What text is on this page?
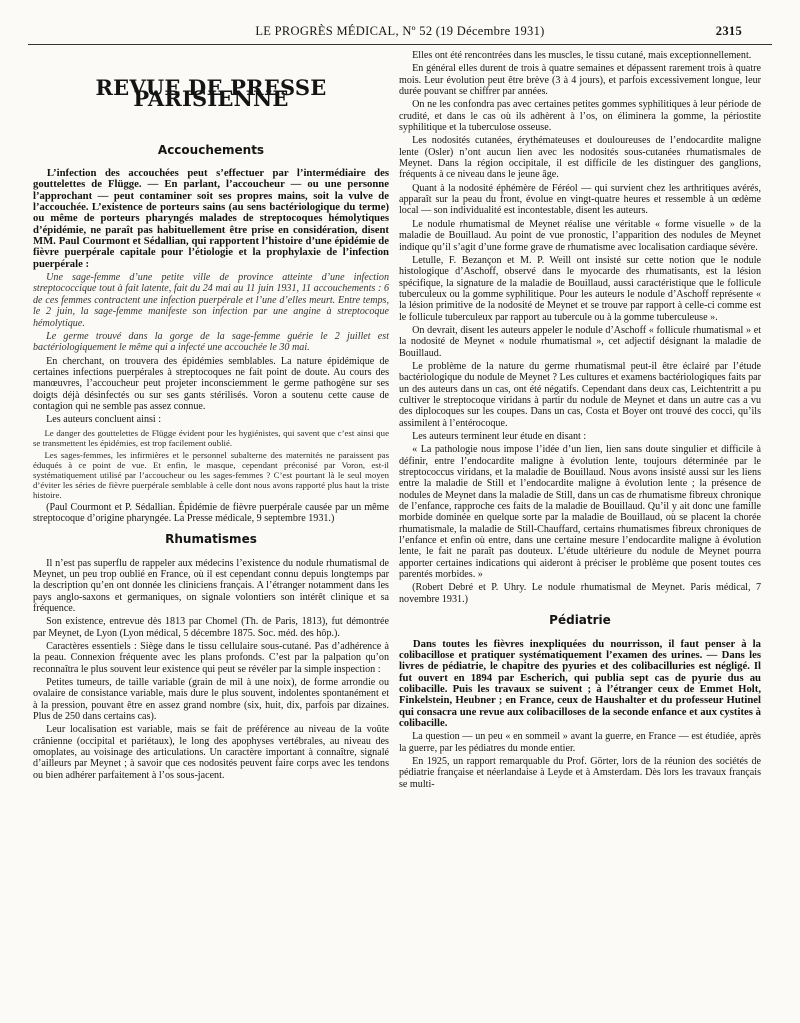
LE PROGRÈS MÉDICAL, Nº 52 (19 Décembre 1931)	2315
REVUE DE PRESSE PARISIENNE
Accouchements

L’infection des accouchées peut s’effectuer par l’intermédiaire des gouttelettes de Flügge. — En parlant, l’accoucheur — ou une personne l’approchant — peut contaminer soit ses propres mains, soit la vulve de l’accouchée. L’existence de porteurs sains (au sens bactériologique du terme) ou même de porteurs pharyngés malades de streptocoques hémolytiques d’épidémie, ne paraît pas habituellement être prise en considération, disent MM. Paul Courmont et Sédallian, qui rapportent l’histoire d’une épidémie de fièvre puerpérale capitale pour l’étiologie et la prophylaxie de l’infection puerpérale :

Une sage-femme d’une petite ville de province atteinte d’une infection streptococcique tout à fait latente, fait du 24 mai au 11 juin 1931, 11 accouchements : 6 de ces femmes contractent une infection puerpérale et l’une d’elles meurt. Entre temps, le 2 juin, la sage-femme manifeste son infection par une angine à streptocoque hémolytique.

Le germe trouvé dans la gorge de la sage-femme guérie le 2 juillet est bactériologiquement le même qui a infecté une accouchée le 30 mai.

En cherchant, on trouvera des épidémies semblables. La nature épidémique de certaines infections puerpérales à streptocoques ne fait point de doute. Au cours des manœuvres, l’accoucheur peut projeter inconsciemment le germe pathogène sur ses doigts déjà désinfectés ou sur ses gants stérilisés. Voron a soutenu cette cause de contagion qui ne semble pas assez connue.

Les auteurs concluent ainsi :

Le danger des gouttelettes de Flügge évident pour les hygiénistes, qui savent que c’est ainsi que se transmettent les épidémies, est trop facilement oublié.

Les sages-femmes, les infirmières et le personnel subalterne des maternités ne paraissent pas éduqués à ce point de vue. Et enfin, le masque, cependant préconisé par Voron, est-il systématiquement utilisé par l’accoucheur ou les sages-femmes ? C’est pourtant là le seul moyen d’éviter les séries de fièvre puerpérale semblable à celle dont nous avons rapporté plus haut la triste histoire.

(Paul Courmont et P. Sédallian. Épidémie de fièvre puerpérale causée par un même streptocoque d’origine pharyngée. La Presse médicale, 9 septembre 1931.)

Rhumatismes

Il n’est pas superflu de rappeler aux médecins l’existence du nodule rhumatismal de Meynet, un peu trop oublié en France, où il est cependant connu depuis longtemps par la description qu’en ont donnée les cliniciens français. A l’étranger notamment dans les pays anglo-saxons et germaniques, on signale volontiers son intérêt clinique et sa fréquence.

Son existence, entrevue dès 1813 par Chomel (Th. de Paris, 1813), fut démontrée par Meynet, de Lyon (Lyon médical, 5 décembre 1875. Soc. méd. des hôp.).

Caractères essentiels : Siège dans le tissu cellulaire sous-cutané. Pas d’adhérence à la peau. Connexion fréquente avec les plans profonds. C’est par la palpation qu’on reconnaîtra le plus souvent leur existence qui peut se révéler par la simple inspection :

Petites tumeurs, de taille variable (grain de mil à une noix), de forme arrondie ou ovalaire de consistance variable, mais dure le plus souvent, indolentes spontanément et à la pression, pouvant être en assez grand nombre (six, huit, dix, parfois par dizaines. Plus de 250 dans certains cas).

Leur localisation est variable, mais se fait de préférence au niveau de la voûte crânienne (occipital et pariétaux), le long des apophyses vertébrales, au niveau des omoplates, au voisinage des articulations. Un caractère important à connaître, signalé d’ailleurs par Meynet ; à savoir que ces nodosités peuvent faire corps avec les tendons ou bien adhérer parfaitement à l’os sous-jacent.

Elles ont été rencontrées dans les muscles, le tissu cutané, mais exceptionnellement.

En général elles durent de trois à quatre semaines et dépassent rarement trois à quatre mois. Leur évolution peut être brève (3 à 4 jours), et parfois excessivement longue, leur durée pouvant se chiffrer par années.

On ne les confondra pas avec certaines petites gommes syphilitiques à leur période de crudité, et dans le cas où ils adhèrent à l’os, on éliminera la gomme, la périostite syphilitique et la tuberculose osseuse.

Les nodosités cutanées, érythémateuses et douloureuses de l’endocardite maligne lente (Osler) n’ont aucun lien avec les nodosités sous-cutanées rhumatismales de Meynet. Dans la région occipitale, il est difficile de les distinguer des ganglions, fréquents à ce niveau dans le jeune âge.

Quant à la nodosité éphémère de Féréol — qui survient chez les arthritiques avérés, apparaît sur la peau du front, évolue en vingt-quatre heures et ressemble à un œdème local — son individualité est incontestable, disent les auteurs.

Le nodule rhumatismal de Meynet réalise une véritable « forme visuelle » de la maladie de Bouillaud. Au point de vue pronostic, l’apparition des nodules de Meynet indique qu’il s’agit d’une forme grave de rhumatisme avec localisation cardiaque sévère.

Letulle, F. Bezançon et M. P. Weill ont insisté sur cette notion que le nodule histologique d’Aschoff, observé dans le myocarde des rhumatisants, est la lésion spécifique, la signature de la maladie de Bouillaud, aussi caractéristique que le follicule tuberculeux ou la gomme syphilitique. Pour les auteurs le nodule d’Aschoff représente « la lésion primitive de la nodosité de Meynet et se trouve par rapport à celle-ci comme est le follicule tuberculeux par rapport au tubercule ou à la gomme tuberculeuse ».

On devrait, disent les auteurs appeler le nodule d’Aschoff « follicule rhumatismal » et la nodosité de Meynet « nodule rhumatismal », cet adjectif désignant la maladie de Bouillaud.

Le problème de la nature du germe rhumatismal peut-il être éclairé par l’étude bactériologique du nodule de Meynet ? Les cultures et examens bactériologiques faits par un des auteurs dans un cas, ont été négatifs. Cependant dans deux cas, Leichtentritt a pu cultiver le streptocoque viridans à partir du nodule de Meynet et dans un autre cas a vu des diplocoques sur les coupes. Dans un cas, Costa et Boyer ont trouvé des cocci, qu’ils assimilent à l’entérocoque.

Les auteurs terminent leur étude en disant :

« La pathologie nous impose l’idée d’un lien, lien sans doute singulier et difficile à définir, entre l’endocardite maligne à évolution lente, toujours déterminée par le streptococcus viridans, et la maladie de Bouillaud. Nous avons insisté aussi sur les liens entre la maladie de Still et l’endocardite maligne à évolution lente ; la présence de nodules de Meynet dans la maladie de Still, dans un cas de rhumatisme fibreux chronique de l’enfance, rapproche ces faits de la maladie de Bouillaud. Qu’il y ait donc une famille morbide dominée en quelque sorte par la maladie de Bouillaud, où se placent la chorée rhumatismale, la maladie de Still-Chauffard, certains rhumatismes fibreux chroniques de l’enfance et enfin où entre, dans une certaine mesure l’endocardite maligne à évolution lente, le fait ne paraît pas douteux. L’étude ultérieure du nodule de Meynet pourra apporter certaines indications qui aideront à préciser le problème que posent toutes ces parentés morbides. »

(Robert Debré et P. Uhry. Le nodule rhumatismal de Meynet. Paris médical, 7 novembre 1931.)

Pédiatrie

Dans toutes les fièvres inexpliquées du nourrisson, il faut penser à la colibacillose et pratiquer systématiquement l’examen des urines. — Dans les livres de pédiatrie, le chapitre des pyuries et des colibacilluries est négligé. Il fut ouvert en 1894 par Escherich, qui publia sept cas de pyurie dus au colibacille. Puis les travaux se suivent ; à l’étranger ceux de Emmet Holt, Finkelstein, Heubner ; en France, ceux de Haushalter et du professeur Hutinel qui consacra une revue aux colibacilloses de la seconde enfance et aux cystites à colibacille.

La question — un peu « en sommeil » avant la guerre, en France — est étudiée, après la guerre, par les pédiatres du monde entier.

En 1925, un rapport remarquable du Prof. Görter, lors de la réunion des sociétés de pédiatrie française et néerlandaise à Leyde et à Amsterdam. Dès lors les travaux français se multi-
